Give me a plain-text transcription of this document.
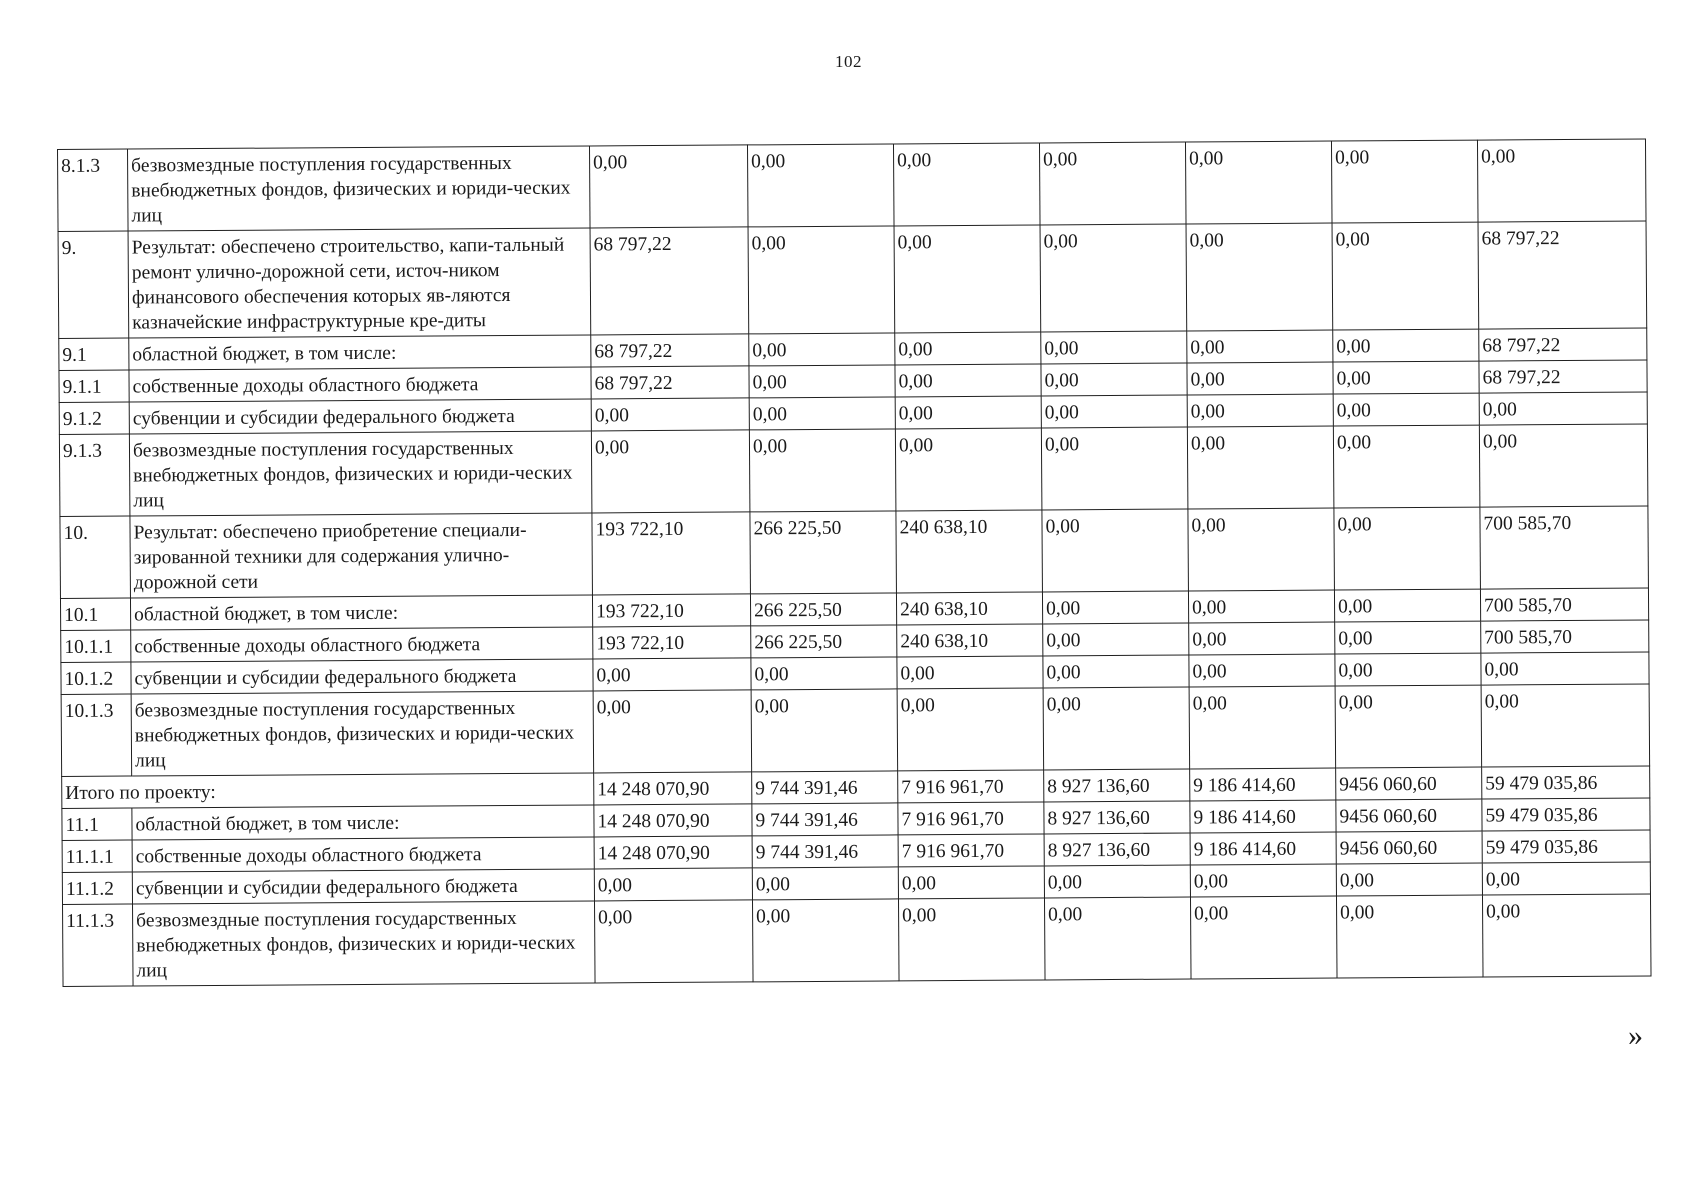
102
8.1.3	безвозмездные поступления государственных внебюджетных фондов, физических и юриди-ческих лиц	0,00	0,00	0,00	0,00	0,00	0,00	0,00
9.	Результат: обеспечено строительство, капи-тальный ремонт улично-дорожной сети, источ-ником финансового обеспечения которых яв-ляются казначейские инфраструктурные кре-диты	68 797,22	0,00	0,00	0,00	0,00	0,00	68 797,22
9.1	областной бюджет, в том числе:	68 797,22	0,00	0,00	0,00	0,00	0,00	68 797,22
9.1.1	собственные доходы областного бюджета	68 797,22	0,00	0,00	0,00	0,00	0,00	68 797,22
9.1.2	субвенции и субсидии федерального бюджета	0,00	0,00	0,00	0,00	0,00	0,00	0,00
9.1.3	безвозмездные поступления государственных внебюджетных фондов, физических и юриди-ческих лиц	0,00	0,00	0,00	0,00	0,00	0,00	0,00
10.	Результат: обеспечено приобретение специали-зированной техники для содержания улично-дорожной сети	193 722,10	266 225,50	240 638,10	0,00	0,00	0,00	700 585,70
10.1	областной бюджет, в том числе:	193 722,10	266 225,50	240 638,10	0,00	0,00	0,00	700 585,70
10.1.1	собственные доходы областного бюджета	193 722,10	266 225,50	240 638,10	0,00	0,00	0,00	700 585,70
10.1.2	субвенции и субсидии федерального бюджета	0,00	0,00	0,00	0,00	0,00	0,00	0,00
10.1.3	безвозмездные поступления государственных внебюджетных фондов, физических и юриди-ческих лиц	0,00	0,00	0,00	0,00	0,00	0,00	0,00
Итого по проекту:		14 248 070,90	9 744 391,46	7 916 961,70	8 927 136,60	9 186 414,60	9456 060,60	59 479 035,86
11.1	областной бюджет, в том числе:	14 248 070,90	9 744 391,46	7 916 961,70	8 927 136,60	9 186 414,60	9456 060,60	59 479 035,86
11.1.1	собственные доходы областного бюджета	14 248 070,90	9 744 391,46	7 916 961,70	8 927 136,60	9 186 414,60	9456 060,60	59 479 035,86
11.1.2	субвенции и субсидии федерального бюджета	0,00	0,00	0,00	0,00	0,00	0,00	0,00
11.1.3	безвозмездные поступления государственных внебюджетных фондов, физических и юриди-ческих лиц	0,00	0,00	0,00	0,00	0,00	0,00	0,00
»
